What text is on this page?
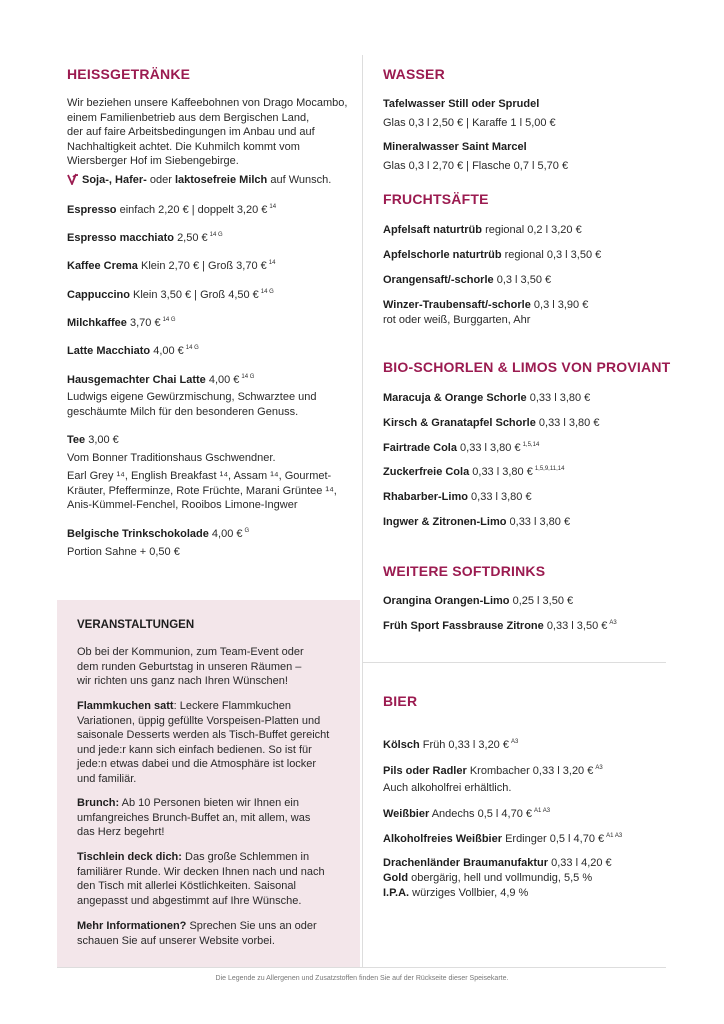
HEISSGETRÄNKE
Wir beziehen unsere Kaffeebohnen von Drago Mocambo,
einem Familienbetrieb aus dem Bergischen Land,
der auf faire Arbeitsbedingungen im Anbau und auf
Nachhaltigkeit achtet. Die Kuhmilch kommt vom
Wiersberger Hof im Siebengebirge.
Soja-, Hafer- oder laktosefreie Milch auf Wunsch.
Espresso einfach 2,20 € | doppelt 3,20 € $^{14}$
Espresso macchiato 2,50 € $^{14 G}$
Kaffee Crema Klein 2,70 € | Groß 3,70 € $^{14}$
Cappuccino Klein 3,50 € | Groß 4,50 € $^{14 G}$
Milchkaffee 3,70 € $^{14 G}$
Latte Macchiato 4,00 € $^{14 G}$
Hausgemachter Chai Latte 4,00 € $^{14 G}$
Ludwigs eigene Gewürzmischung, Schwarztee und
geschäumte Milch für den besonderen Genuss.
Tee 3,00 €
Vom Bonner Traditionshaus Gschwendner.
Earl Grey ¹⁴, English Breakfast ¹⁴, Assam ¹⁴, Gourmet-
Kräuter, Pfefferminze, Rote Früchte, Marani Grüntee ¹⁴,
Anis-Kümmel-Fenchel, Rooibos Limone-Ingwer
Belgische Trinkschokolade 4,00 € $^G$
Portion Sahne + 0,50 €
VERANSTALTUNGEN
Ob bei der Kommunion, zum Team-Event oder
dem runden Geburtstag in unseren Räumen –
wir richten uns ganz nach Ihren Wünschen!
Flammkuchen satt: Leckere Flammkuchen
Variationen, üppig gefüllte Vorspeisen-Platten und
saisonale Desserts werden als Tisch-Buffet gereicht
und jede:r kann sich einfach bedienen. So ist für
jede:n etwas dabei und die Atmosphäre ist locker
und familiär.
Brunch: Ab 10 Personen bieten wir Ihnen ein
umfangreiches Brunch-Buffet an, mit allem, was
das Herz begehrt!
Tischlein deck dich: Das große Schlemmen in
familiärer Runde. Wir decken Ihnen nach und nach
den Tisch mit allerlei Köstlichkeiten. Saisonal
angepasst und abgestimmt auf Ihre Wünsche.
Mehr Informationen? Sprechen Sie uns an oder
schauen Sie auf unserer Website vorbei.
WASSER
Tafelwasser Still oder Sprudel
Glas 0,3 l 2,50 € | Karaffe 1 l 5,00 €
Mineralwasser Saint Marcel
Glas 0,3 l 2,70 € | Flasche 0,7 l 5,70 €
FRUCHTSÄFTE
Apfelsaft naturtrüb regional 0,2 l 3,20 €
Apfelschorle naturtrüb regional 0,3 l 3,50 €
Orangensaft/-schorle 0,3 l 3,50 €
Winzer-Traubensaft/-schorle 0,3 l 3,90 €
rot oder weiß, Burggarten, Ahr
BIO-SCHORLEN & LIMOS VON PROVIANT
Maracuja & Orange Schorle 0,33 l 3,80 €
Kirsch & Granatapfel Schorle 0,33 l 3,80 €
Fairtrade Cola 0,33 l 3,80 € $^{1,5,14}$
Zuckerfreie Cola 0,33 l 3,80 € $^{1,5,9,11,14}$
Rhabarber-Limo 0,33 l 3,80 €
Ingwer & Zitronen-Limo 0,33 l 3,80 €
WEITERE SOFTDRINKS
Orangina Orangen-Limo 0,25 l 3,50 €
Früh Sport Fassbrause Zitrone 0,33 l 3,50 € $^{A3}$
BIER
Kölsch Früh 0,33 l 3,20 € $^{A3}$
Pils oder Radler Krombacher 0,33 l 3,20 € $^{A3}$
Auch alkoholfrei erhältlich.
Weißbier Andechs 0,5 l 4,70 € $^{A1 A3}$
Alkoholfreies Weißbier Erdinger 0,5 l 4,70 € $^{A1 A3}$
Drachenländer Braumanufaktur 0,33 l 4,20 €
Gold obergärig, hell und vollmundig, 5,5 %
I.P.A. würziges Vollbier, 4,9 %
Die Legende zu Allergenen und Zusatzstoffen finden Sie auf der Rückseite dieser Speisekarte.
